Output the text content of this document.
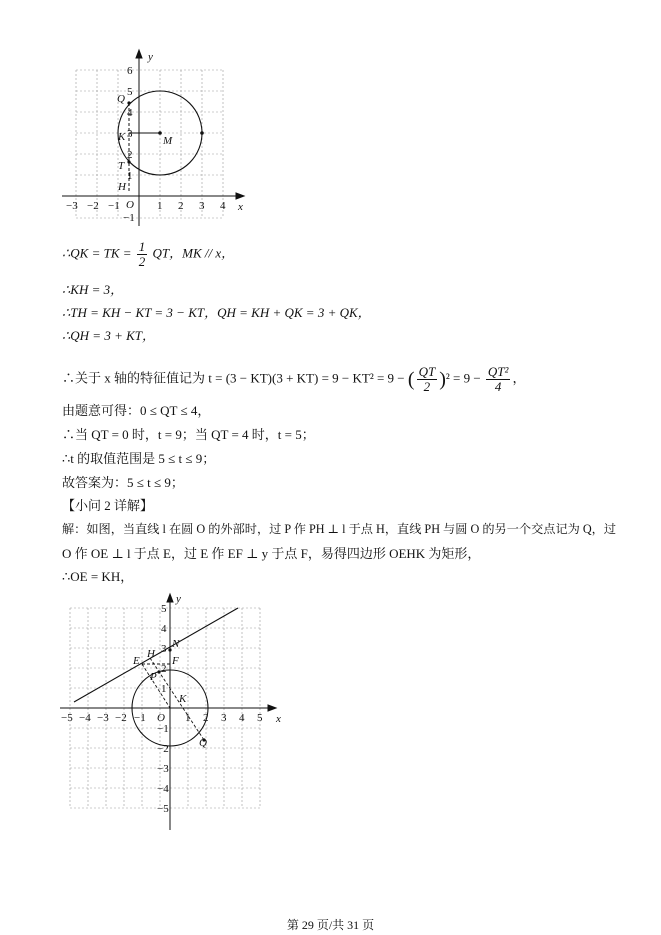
y
x
O
−3 −2 −1	1 2 3 4
6
5
4
3
2
1
−1
Q
K	M
T
H
∴QK = TK = $\frac{1}{2}$ QT，MK // x，
∴KH = 3，
∴TH = KH − KT = 3 − KT，QH = KH + QK = 3 + QK，
∴QH = 3 + KT，
∴关于 x 轴的特征值记为 t = (3 − KT)(3 + KT) = 9 − KT² = 9 − ( $\frac{QT}{2} )^2 = 9 - \frac{\text{QT²}}{4}$ ，
由题意可得：0 ≤ QT ≤ 4，
∴当 QT = 0 时，t = 9；当 QT = 4 时，t = 5；
∴t 的取值范围是 5 ≤ t ≤ 9；
故答案为：5 ≤ t ≤ 9；
【小问 2 详解】
解：如图，当直线 l 在圆 O 的外部时，过 P 作 PH ⊥ l 于点 H，直线 PH 与圆 O 的另一个交点记为 Q，过
O 作 OE ⊥ l 于点 E，过 E 作 EF ⊥ y 于点 F，易得四边形 OEHK 为矩形，
∴OE = KH，
y
x
O
−5 −4 −3 −2 −1	1 2 3 4 5
5
4
3
2
1
−1
−2
−3
−4
−5
N
E
H
F
P
K
Q
第 29 页/共 31 页
